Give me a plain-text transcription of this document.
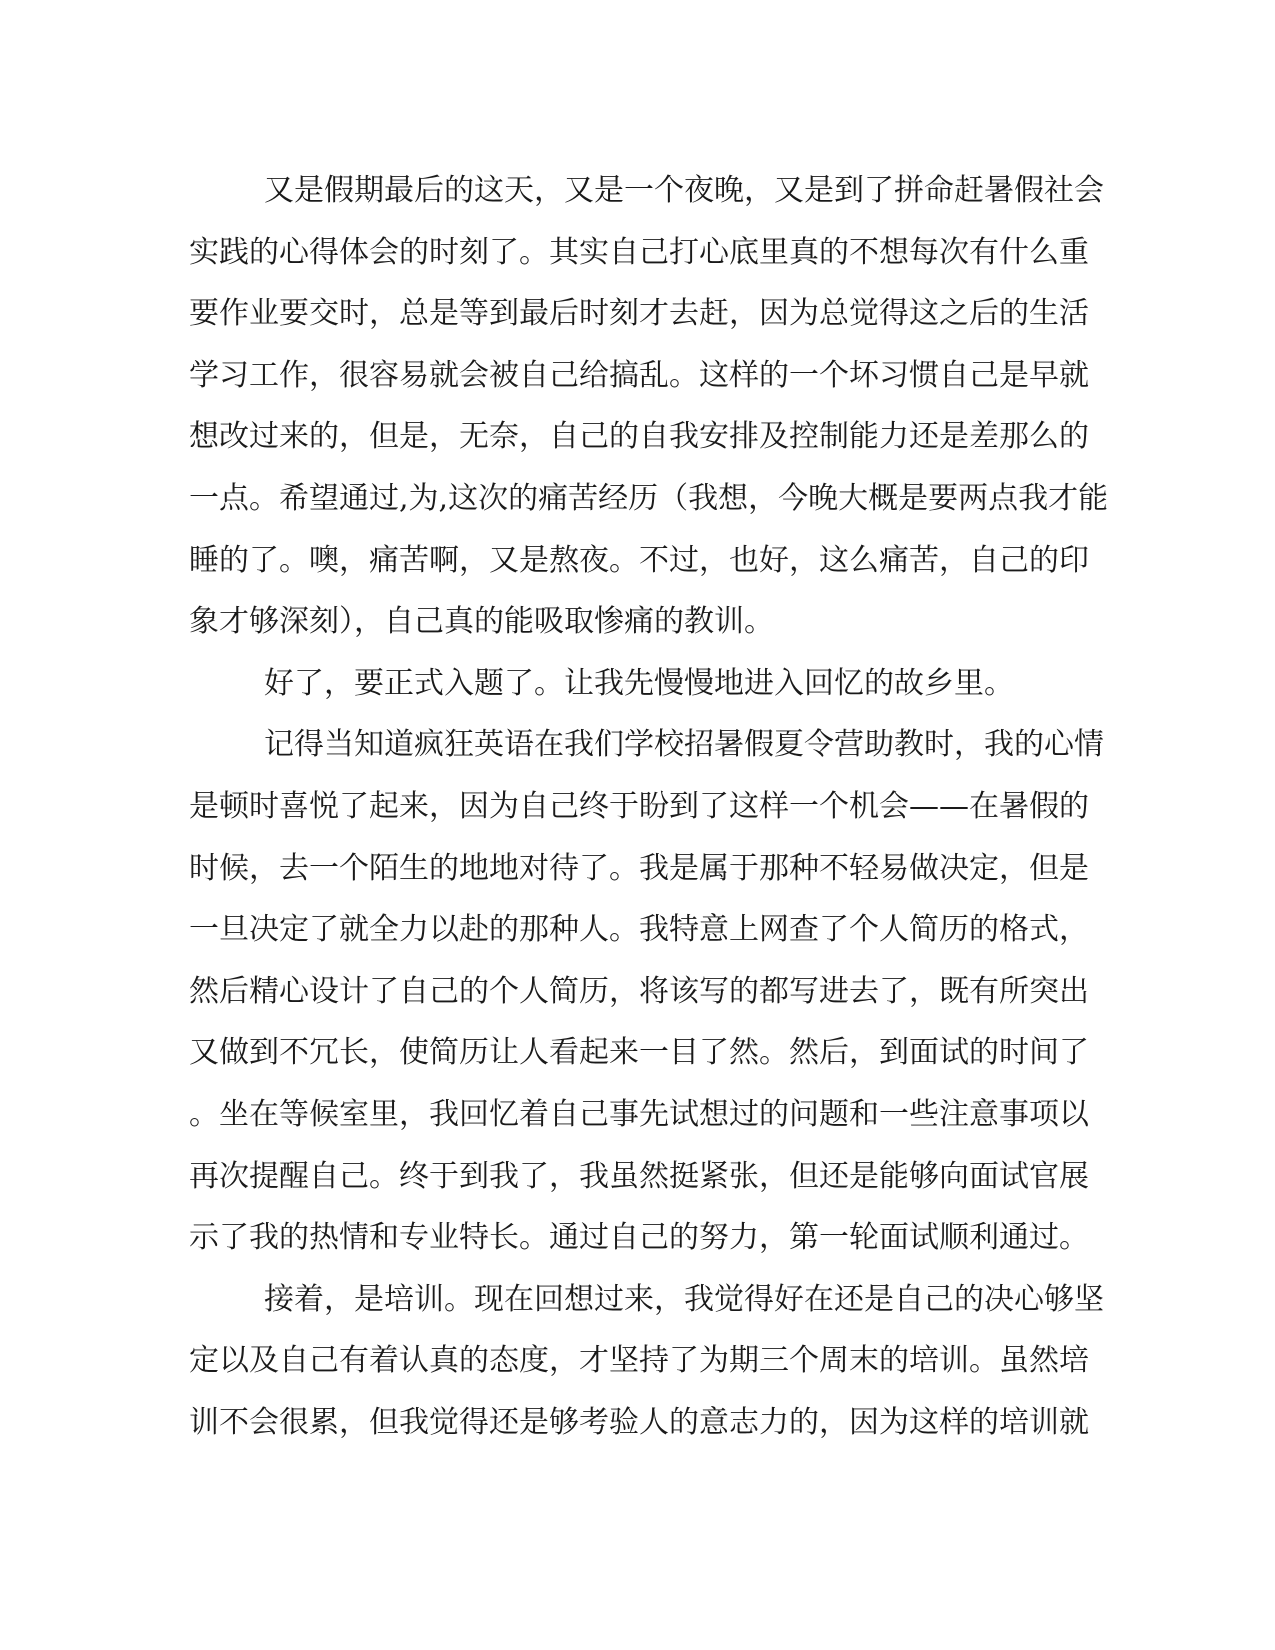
又是假期最后的这天，又是一个夜晚，又是到了拼命赶暑假社会
实践的心得体会的时刻了。其实自己打心底里真的不想每次有什么重
要作业要交时，总是等到最后时刻才去赶，因为总觉得这之后的生活
学习工作，很容易就会被自己给搞乱。这样的一个坏习惯自己是早就
想改过来的，但是，无奈，自己的自我安排及控制能力还是差那么的
一点。希望通过,为,这次的痛苦经历（我想，今晚大概是要两点我才能
睡的了。噢，痛苦啊，又是熬夜。不过，也好，这么痛苦，自己的印
象才够深刻），自己真的能吸取惨痛的教训。
好了，要正式入题了。让我先慢慢地进入回忆的故乡里。
记得当知道疯狂英语在我们学校招暑假夏令营助教时，我的心情
是顿时喜悦了起来，因为自己终于盼到了这样一个机会——在暑假的
时候，去一个陌生的地地对待了。我是属于那种不轻易做决定，但是
一旦决定了就全力以赴的那种人。我特意上网查了个人简历的格式，
然后精心设计了自己的个人简历，将该写的都写进去了，既有所突出
又做到不冗长，使简历让人看起来一目了然。然后，到面试的时间了
。坐在等候室里，我回忆着自己事先试想过的问题和一些注意事项以
再次提醒自己。终于到我了，我虽然挺紧张，但还是能够向面试官展
示了我的热情和专业特长。通过自己的努力，第一轮面试顺利通过。
接着，是培训。现在回想过来，我觉得好在还是自己的决心够坚
定以及自己有着认真的态度，才坚持了为期三个周末的培训。虽然培
训不会很累，但我觉得还是够考验人的意志力的，因为这样的培训就
